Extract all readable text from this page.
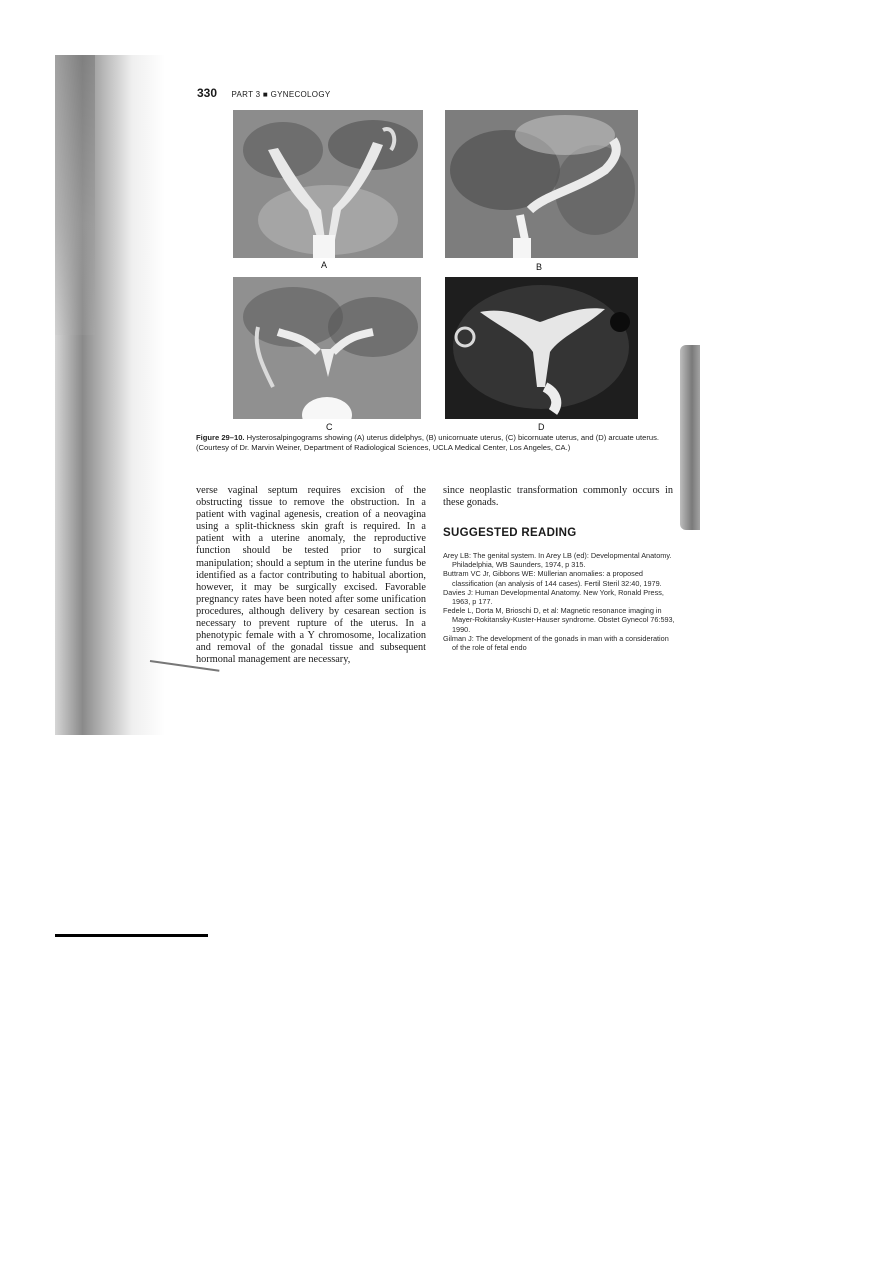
330 PART 3 ■ GYNECOLOGY
A	B
C	D
Figure 29–10. Hysterosalpingograms showing (A) uterus didelphys, (B) unicornuate uterus, (C) bicornuate uterus, and (D) arcuate uterus. (Courtesy of Dr. Marvin Weiner, Department of Radiological Sciences, UCLA Medical Center, Los Angeles, CA.)

verse vaginal septum requires excision of the obstructing tissue to remove the obstruction. In a patient with vaginal agenesis, creation of a neovagina using a split-thickness skin graft is required. In a patient with a uterine anomaly, the reproductive function should be tested prior to surgical manipulation; should a septum in the uterine fundus be identified as a factor contributing to habitual abortion, however, it may be surgically excised. Favorable pregnancy rates have been noted after some unification procedures, although delivery by cesarean section is necessary to prevent rupture of the uterus. In a phenotypic female with a Y chromosome, localization and removal of the gonadal tissue and subsequent hormonal management are necessary,

since neoplastic transformation commonly occurs in these gonads.

SUGGESTED READING

Arey LB: The genital system. In Arey LB (ed): Developmental Anatomy. Philadelphia, WB Saunders, 1974, p 315.

Buttram VC Jr, Gibbons WE: Müllerian anomalies: a proposed classification (an analysis of 144 cases). Fertil Steril 32:40, 1979.

Davies J: Human Developmental Anatomy. New York, Ronald Press, 1963, p 177.

Fedele L, Dorta M, Brioschi D, et al: Magnetic resonance imaging in Mayer-Rokitansky-Kuster-Hauser syndrome. Obstet Gynecol 76:593, 1990.

Gilman J: The development of the gonads in man with a consideration of the role of fetal endo
